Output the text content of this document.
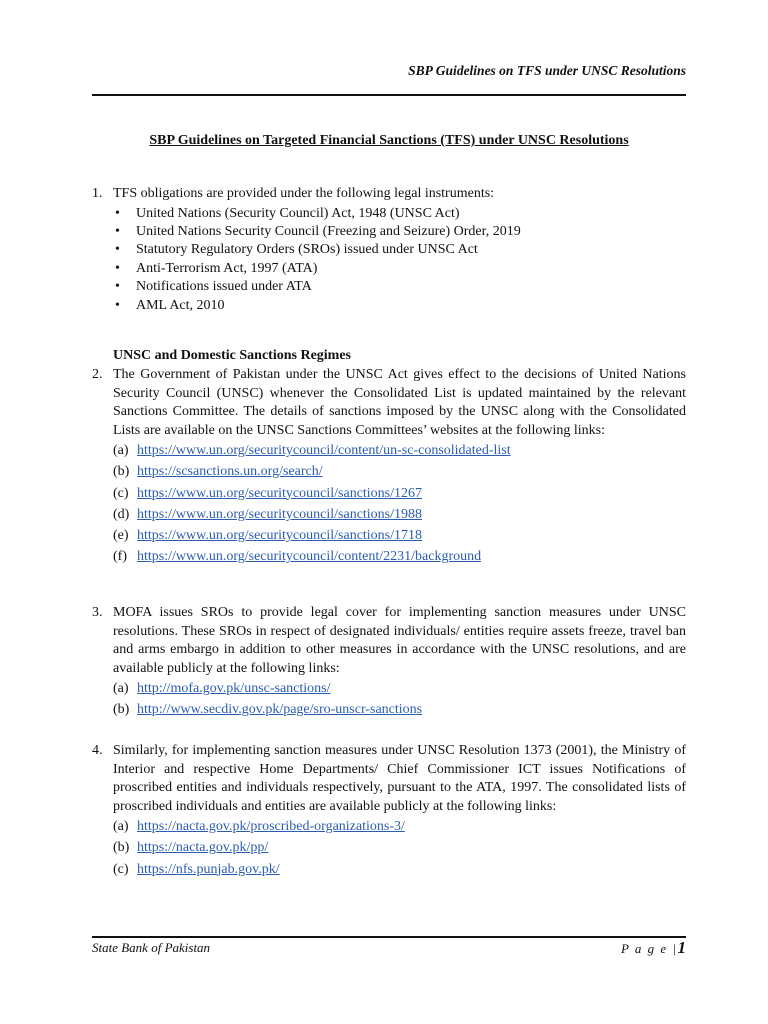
SBP Guidelines on TFS under UNSC Resolutions
SBP Guidelines on Targeted Financial Sanctions (TFS) under UNSC Resolutions
1. TFS obligations are provided under the following legal instruments:
• United Nations (Security Council) Act, 1948 (UNSC Act)
• United Nations Security Council (Freezing and Seizure) Order, 2019
• Statutory Regulatory Orders (SROs) issued under UNSC Act
• Anti-Terrorism Act, 1997 (ATA)
• Notifications issued under ATA
• AML Act, 2010
UNSC and Domestic Sanctions Regimes
2. The Government of Pakistan under the UNSC Act gives effect to the decisions of United Nations Security Council (UNSC) whenever the Consolidated List is updated maintained by the relevant Sanctions Committee. The details of sanctions imposed by the UNSC along with the Consolidated Lists are available on the UNSC Sanctions Committees’ websites at the following links:
(a) https://www.un.org/securitycouncil/content/un-sc-consolidated-list
(b) https://scsanctions.un.org/search/
(c) https://www.un.org/securitycouncil/sanctions/1267
(d) https://www.un.org/securitycouncil/sanctions/1988
(e) https://www.un.org/securitycouncil/sanctions/1718
(f) https://www.un.org/securitycouncil/content/2231/background
3. MOFA issues SROs to provide legal cover for implementing sanction measures under UNSC resolutions. These SROs in respect of designated individuals/ entities require assets freeze, travel ban and arms embargo in addition to other measures in accordance with the UNSC resolutions, and are available publicly at the following links:
(a) http://mofa.gov.pk/unsc-sanctions/
(b) http://www.secdiv.gov.pk/page/sro-unscr-sanctions
4. Similarly, for implementing sanction measures under UNSC Resolution 1373 (2001), the Ministry of Interior and respective Home Departments/ Chief Commissioner ICT issues Notifications of proscribed entities and individuals respectively, pursuant to the ATA, 1997. The consolidated lists of proscribed individuals and entities are available publicly at the following links:
(a) https://nacta.gov.pk/proscribed-organizations-3/
(b) https://nacta.gov.pk/pp/
(c) https://nfs.punjab.gov.pk/
State Bank of Pakistan	P a g e |1
